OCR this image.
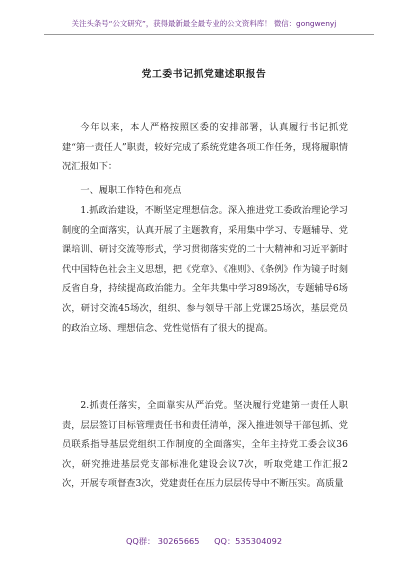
关注头条号“公文研究”，获得最新最全最专业的公文资料库！ 微信：gongwenyj
党工委书记抓党建述职报告

今年以来，本人严格按照区委的安排部署，认真履行书记抓党建“第一责任人”职责，较好完成了系统党建各项工作任务，现将履职情况汇报如下：

一、履职工作特色和亮点

1.抓政治建设，不断坚定理想信念。深入推进党工委政治理论学习制度的全面落实，认真开展了主题教育，采用集中学习、专题辅导、党课培训、研讨交流等形式，学习贯彻落实党的二十大精神和习近平新时代中国特色社会主义思想，把《党章》、《准则》、《条例》作为镜子时刻反省自身，持续提高政治能力。全年共集中学习89场次，专题辅导6场次，研讨交流45场次，组织、参与领导干部上党课25场次，基层党员的政治立场、理想信念、党性觉悟有了很大的提高。

2.抓责任落实，全面靠实从严治党。坚决履行党建第一责任人职责，层层签订目标管理责任书和责任清单，深入推进领导干部包抓、党员联系指导基层党组织工作制度的全面落实，全年主持党工委会议36次，研究推进基层党支部标准化建设会议7次，听取党建工作汇报2次，开展专项督查3次，党建责任在压力层层传导中不断压实。高质量

QQ群： 30265665 QQ：535304092
